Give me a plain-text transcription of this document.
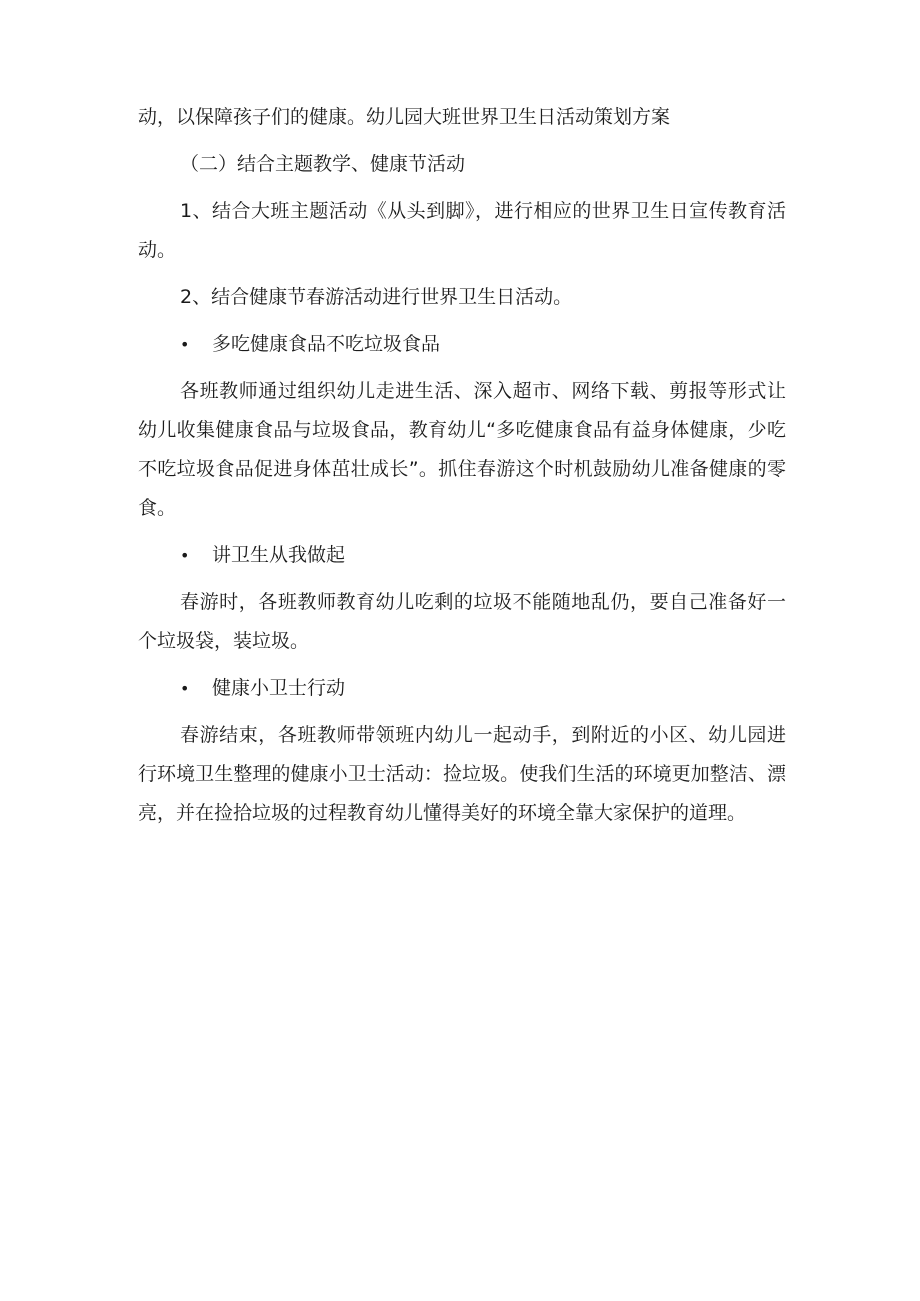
动，以保障孩子们的健康。幼儿园大班世界卫生日活动策划方案

（二）结合主题教学、健康节活动

1、结合大班主题活动《从头到脚》，进行相应的世界卫生日宣传教育活动。

2、结合健康节春游活动进行世界卫生日活动。

•	多吃健康食品不吃垃圾食品

各班教师通过组织幼儿走进生活、深入超市、网络下载、剪报等形式让幼儿收集健康食品与垃圾食品，教育幼儿“多吃健康食品有益身体健康，少吃不吃垃圾食品促进身体茁壮成长”。抓住春游这个时机鼓励幼儿准备健康的零食。

•	讲卫生从我做起

春游时，各班教师教育幼儿吃剩的垃圾不能随地乱仍，要自己准备好一个垃圾袋，装垃圾。

•	健康小卫士行动

春游结束，各班教师带领班内幼儿一起动手，到附近的小区、幼儿园进行环境卫生整理的健康小卫士活动：捡垃圾。使我们生活的环境更加整洁、漂亮，并在捡拾垃圾的过程教育幼儿懂得美好的环境全靠大家保护的道理。
